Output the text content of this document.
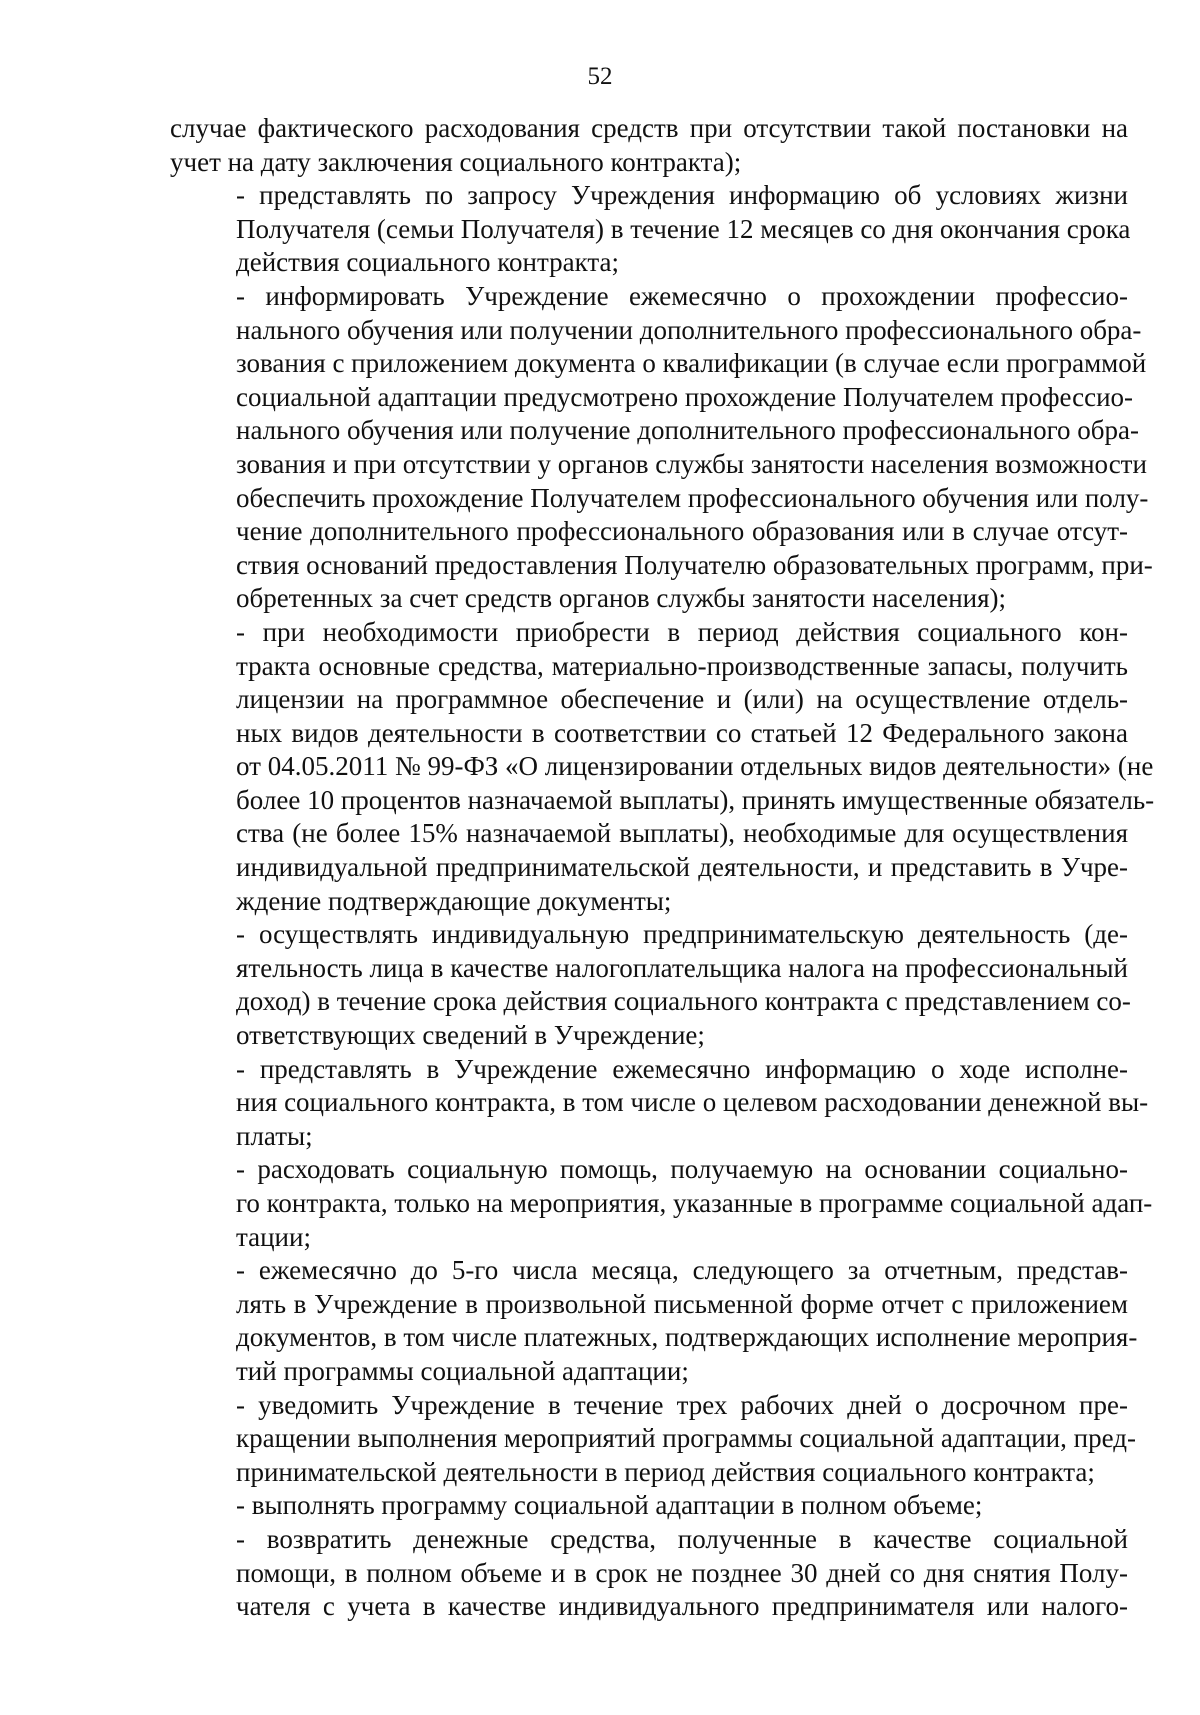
52
случае фактического расходования средств при отсутствии такой постановки на
учет на дату заключения социального контракта);
- представлять по запросу Учреждения информацию об условиях жизни
Получателя (семьи Получателя) в течение 12 месяцев со дня окончания срока
действия социального контракта;
- информировать Учреждение ежемесячно о прохождении профессио-
нального обучения или получении дополнительного профессионального обра-
зования с приложением документа о квалификации (в случае если программой
социальной адаптации предусмотрено прохождение Получателем профессио-
нального обучения или получение дополнительного профессионального обра-
зования и при отсутствии у органов службы занятости населения возможности
обеспечить прохождение Получателем профессионального обучения или полу-
чение дополнительного профессионального образования или в случае отсут-
ствия оснований предоставления Получателю образовательных программ, при-
обретенных за счет средств органов службы занятости населения);
- при необходимости приобрести в период действия социального кон-
тракта основные средства, материально-производственные запасы, получить
лицензии на программное обеспечение и (или) на осуществление отдель-
ных видов деятельности в соответствии со статьей 12 Федерального закона
от 04.05.2011 № 99-ФЗ «О лицензировании отдельных видов деятельности» (не
более 10 процентов назначаемой выплаты), принять имущественные обязатель-
ства (не более 15% назначаемой выплаты), необходимые для осуществления
индивидуальной предпринимательской деятельности, и представить в Учре-
ждение подтверждающие документы;
- осуществлять индивидуальную предпринимательскую деятельность (де-
ятельность лица в качестве налогоплательщика налога на профессиональный
доход) в течение срока действия социального контракта с представлением со-
ответствующих сведений в Учреждение;
- представлять в Учреждение ежемесячно информацию о ходе исполне-
ния социального контракта, в том числе о целевом расходовании денежной вы-
платы;
- расходовать социальную помощь, получаемую на основании социально-
го контракта, только на мероприятия, указанные в программе социальной адап-
тации;
- ежемесячно до 5-го числа месяца, следующего за отчетным, представ-
лять в Учреждение в произвольной письменной форме отчет с приложением
документов, в том числе платежных, подтверждающих исполнение мероприя-
тий программы социальной адаптации;
- уведомить Учреждение в течение трех рабочих дней о досрочном пре-
кращении выполнения мероприятий программы социальной адаптации, пред-
принимательской деятельности в период действия социального контракта;
- выполнять программу социальной адаптации в полном объеме;
- возвратить денежные средства, полученные в качестве социальной
помощи, в полном объеме и в срок не позднее 30 дней со дня снятия Полу-
чателя с учета в качестве индивидуального предпринимателя или налого-
